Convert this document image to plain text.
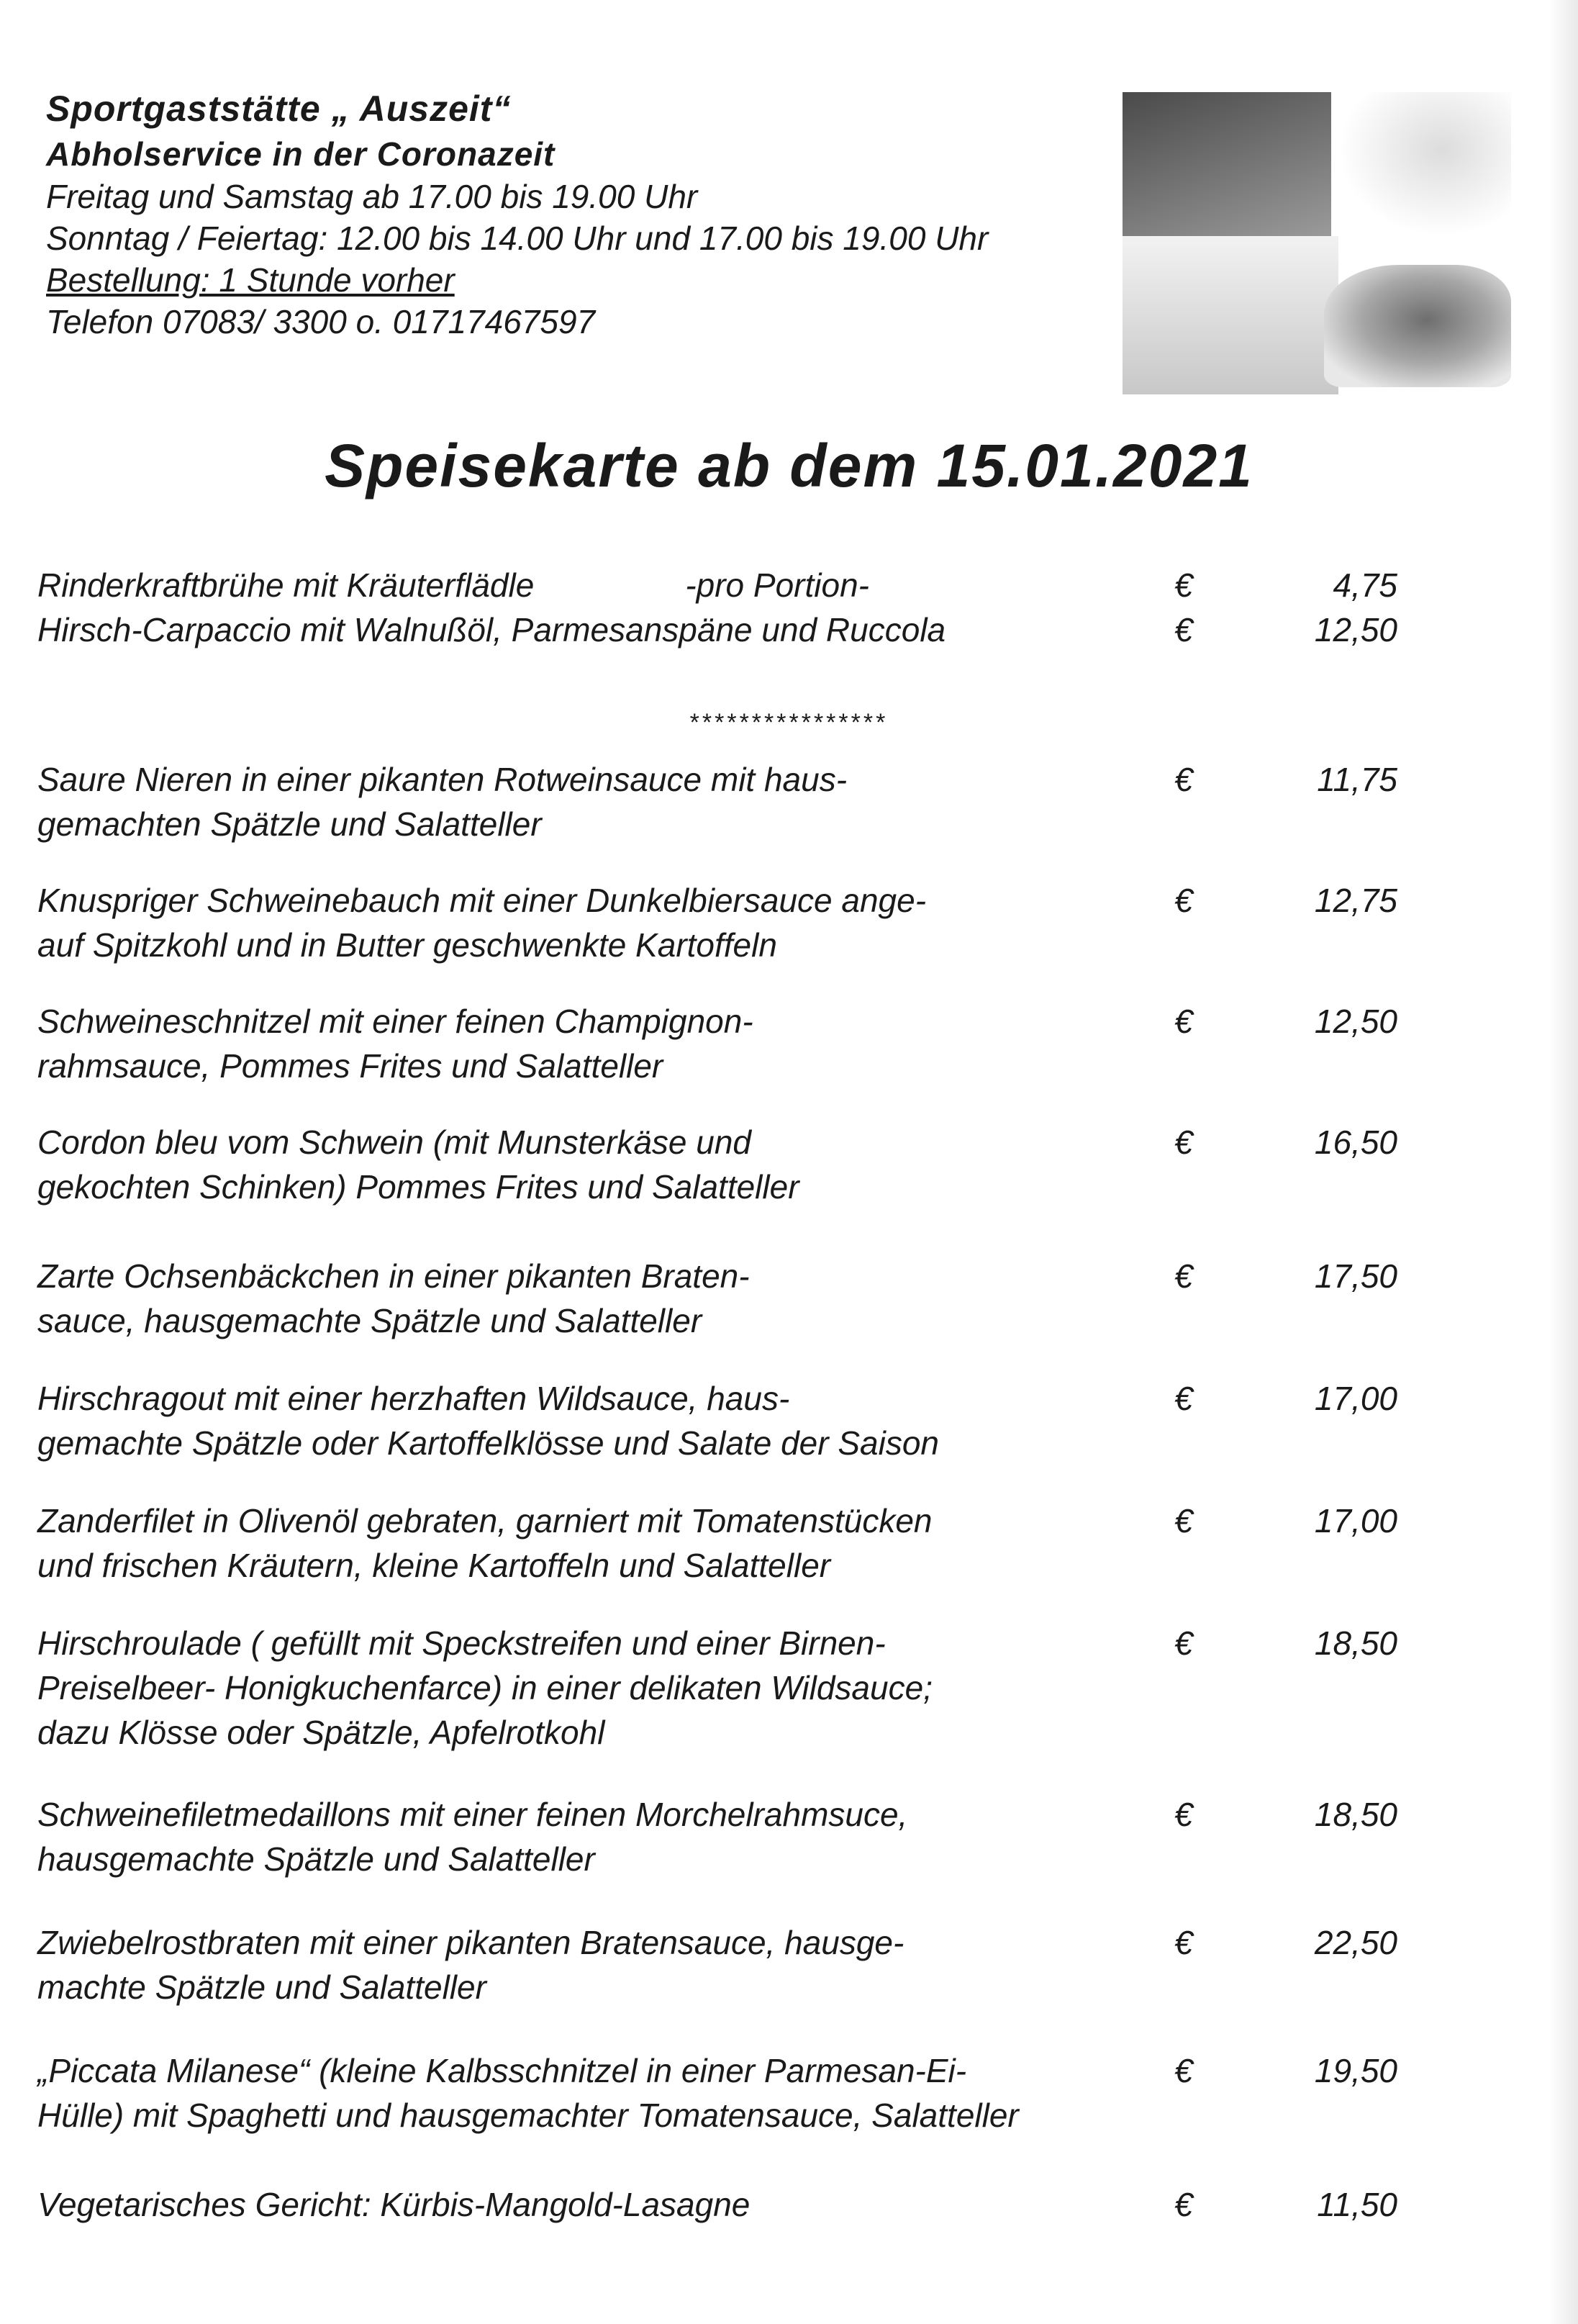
Sportgaststätte „ Auszeit“
Abholservice in der Coronazeit
Freitag und Samstag ab 17.00 bis 19.00 Uhr
Sonntag / Feiertag: 12.00 bis 14.00 Uhr und 17.00 bis 19.00 Uhr
Bestellung: 1 Stunde vorher
Telefon 07083/ 3300 o. 01717467597
Speisekarte ab dem 15.01.2021
Rinderkraftbrühe mit Kräuterflädle	-pro Portion-	€	4,75
Hirsch-Carpaccio mit Walnußöl, Parmesanspäne und Ruccola	€	12,50
****************
Saure Nieren in einer pikanten Rotweinsauce mit haus-
gemachten Spätzle und Salatteller
€	11,75
Knuspriger Schweinebauch mit einer Dunkelbiersauce ange-
auf Spitzkohl und in Butter geschwenkte Kartoffeln
€	12,75
Schweineschnitzel mit einer feinen Champignon-
rahmsauce, Pommes Frites und Salatteller
€	12,50
Cordon bleu vom Schwein (mit Munsterkäse und
gekochten Schinken) Pommes Frites und Salatteller
€	16,50
Zarte Ochsenbäckchen in einer pikanten Braten-
sauce, hausgemachte Spätzle und Salatteller
€	17,50
Hirschragout mit einer herzhaften Wildsauce, haus-
gemachte Spätzle oder Kartoffelklösse und Salate der Saison
€	17,00
Zanderfilet in Olivenöl gebraten, garniert mit Tomatenstücken
und frischen Kräutern, kleine Kartoffeln und Salatteller
€	17,00
Hirschroulade ( gefüllt mit Speckstreifen und einer Birnen-
Preiselbeer- Honigkuchenfarce) in einer delikaten Wildsauce;
dazu Klösse oder Spätzle, Apfelrotkohl
€	18,50
Schweinefiletmedaillons mit einer feinen Morchelrahmsuce,
hausgemachte Spätzle und Salatteller
€	18,50
Zwiebelrostbraten mit einer pikanten Bratensauce, hausge-
machte Spätzle und Salatteller
€	22,50
„Piccata Milanese“ (kleine Kalbsschnitzel in einer Parmesan-Ei-
Hülle) mit Spaghetti und hausgemachter Tomatensauce, Salatteller
€	19,50
Vegetarisches Gericht: Kürbis-Mangold-Lasagne	€	11,50
